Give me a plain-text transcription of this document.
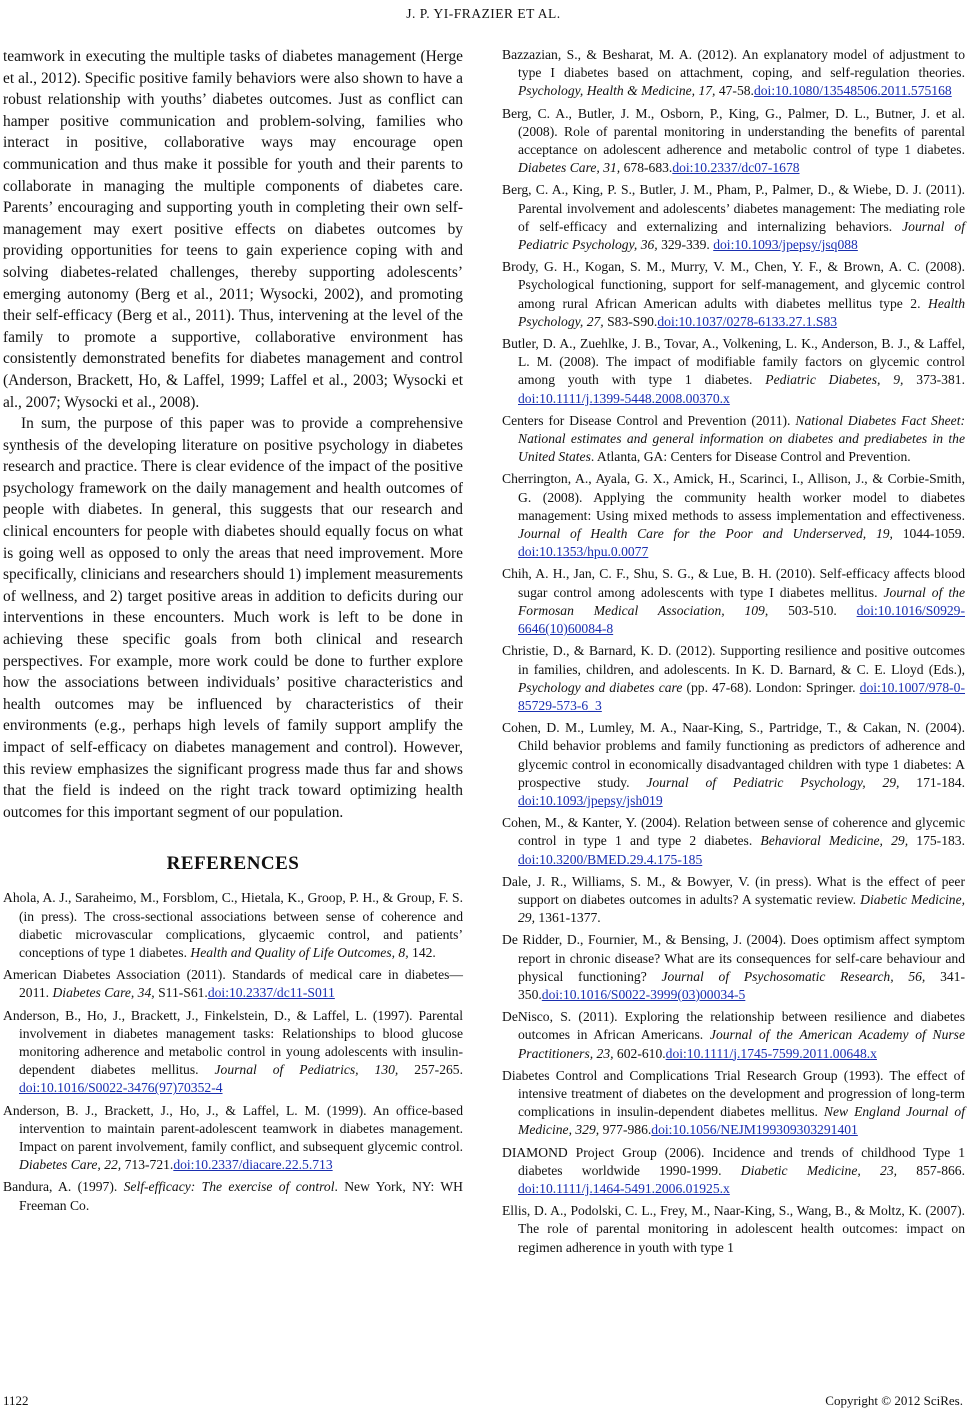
J. P. YI-FRAZIER ET AL.

teamwork in executing the multiple tasks of diabetes management (Herge et al., 2012). Specific positive family behaviors were also shown to have a robust relationship with youths’ diabetes outcomes. Just as conflict can hamper positive communication and problem-solving, families who interact in positive, collaborative ways may encourage open communication and thus make it possible for youth and their parents to collaborate in managing the multiple components of diabetes care. Parents’ encouraging and supporting youth in completing their own self-management may exert positive effects on diabetes outcomes by providing opportunities for teens to gain experience coping with and solving diabetes-related challenges, thereby supporting adolescents’ emerging autonomy (Berg et al., 2011; Wysocki, 2002), and promoting their self-efficacy (Berg et al., 2011). Thus, intervening at the level of the family to promote a supportive, collaborative environment has consistently demonstrated benefits for diabetes management and control (Anderson, Brackett, Ho, & Laffel, 1999; Laffel et al., 2003; Wysocki et al., 2007; Wysocki et al., 2008).

In sum, the purpose of this paper was to provide a comprehensive synthesis of the developing literature on positive psychology in diabetes research and practice. There is clear evidence of the impact of the positive psychology framework on the daily management and health outcomes of people with diabetes. In general, this suggests that our research and clinical encounters for people with diabetes should equally focus on what is going well as opposed to only the areas that need improvement. More specifically, clinicians and researchers should 1) implement measurements of wellness, and 2) target positive areas in addition to deficits during our interventions in these encounters. Much work is left to be done in achieving these specific goals from both clinical and research perspectives. For example, more work could be done to further explore how the associations between individuals’ positive characteristics and health outcomes may be influenced by characteristics of their environments (e.g., perhaps high levels of family support amplify the impact of self-efficacy on diabetes management and control). However, this review emphasizes the significant progress made thus far and shows that the field is indeed on the right track toward optimizing health outcomes for this important segment of our population.

REFERENCES

Ahola, A. J., Saraheimo, M., Forsblom, C., Hietala, K., Groop, P. H., & Group, F. S. (in press). The cross-sectional associations between sense of coherence and diabetic microvascular complications, glycaemic control, and patients’ conceptions of type 1 diabetes. Health and Quality of Life Outcomes, 8, 142.

American Diabetes Association (2011). Standards of medical care in diabetes—2011. Diabetes Care, 34, S11-S61.doi:10.2337/dc11-S011

Anderson, B., Ho, J., Brackett, J., Finkelstein, D., & Laffel, L. (1997). Parental involvement in diabetes management tasks: Relationships to blood glucose monitoring adherence and metabolic control in young adolescents with insulin-dependent diabetes mellitus. Journal of Pediatrics, 130, 257-265. doi:10.1016/S0022-3476(97)70352-4

Anderson, B. J., Brackett, J., Ho, J., & Laffel, L. M. (1999). An office-based intervention to maintain parent-adolescent teamwork in diabetes management. Impact on parent involvement, family conflict, and subsequent glycemic control. Diabetes Care, 22, 713-721.doi:10.2337/diacare.22.5.713

Bandura, A. (1997). Self-efficacy: The exercise of control. New York, NY: WH Freeman Co.

Bazzazian, S., & Besharat, M. A. (2012). An explanatory model of adjustment to type I diabetes based on attachment, coping, and self-regulation theories. Psychology, Health & Medicine, 17, 47-58.doi:10.1080/13548506.2011.575168

Berg, C. A., Butler, J. M., Osborn, P., King, G., Palmer, D. L., Butner, J. et al. (2008). Role of parental monitoring in understanding the benefits of parental acceptance on adolescent adherence and metabolic control of type 1 diabetes. Diabetes Care, 31, 678-683.doi:10.2337/dc07-1678

Berg, C. A., King, P. S., Butler, J. M., Pham, P., Palmer, D., & Wiebe, D. J. (2011). Parental involvement and adolescents’ diabetes management: The mediating role of self-efficacy and externalizing and internalizing behaviors. Journal of Pediatric Psychology, 36, 329-339. doi:10.1093/jpepsy/jsq088

Brody, G. H., Kogan, S. M., Murry, V. M., Chen, Y. F., & Brown, A. C. (2008). Psychological functioning, support for self-management, and glycemic control among rural African American adults with diabetes mellitus type 2. Health Psychology, 27, S83-S90.doi:10.1037/0278-6133.27.1.S83

Butler, D. A., Zuehlke, J. B., Tovar, A., Volkening, L. K., Anderson, B. J., & Laffel, L. M. (2008). The impact of modifiable family factors on glycemic control among youth with type 1 diabetes. Pediatric Diabetes, 9, 373-381. doi:10.1111/j.1399-5448.2008.00370.x

Centers for Disease Control and Prevention (2011). National Diabetes Fact Sheet: National estimates and general information on diabetes and prediabetes in the United States. Atlanta, GA: Centers for Disease Control and Prevention.

Cherrington, A., Ayala, G. X., Amick, H., Scarinci, I., Allison, J., & Corbie-Smith, G. (2008). Applying the community health worker model to diabetes management: Using mixed methods to assess implementation and effectiveness. Journal of Health Care for the Poor and Underserved, 19, 1044-1059. doi:10.1353/hpu.0.0077

Chih, A. H., Jan, C. F., Shu, S. G., & Lue, B. H. (2010). Self-efficacy affects blood sugar control among adolescents with type I diabetes mellitus. Journal of the Formosan Medical Association, 109, 503-510. doi:10.1016/S0929-6646(10)60084-8

Christie, D., & Barnard, K. D. (2012). Supporting resilience and positive outcomes in families, children, and adolescents. In K. D. Barnard, & C. E. Lloyd (Eds.), Psychology and diabetes care (pp. 47-68). London: Springer. doi:10.1007/978-0-85729-573-6_3

Cohen, D. M., Lumley, M. A., Naar-King, S., Partridge, T., & Cakan, N. (2004). Child behavior problems and family functioning as predictors of adherence and glycemic control in economically disadvantaged children with type 1 diabetes: A prospective study. Journal of Pediatric Psychology, 29, 171-184. doi:10.1093/jpepsy/jsh019

Cohen, M., & Kanter, Y. (2004). Relation between sense of coherence and glycemic control in type 1 and type 2 diabetes. Behavioral Medicine, 29, 175-183. doi:10.3200/BMED.29.4.175-185

Dale, J. R., Williams, S. M., & Bowyer, V. (in press). What is the effect of peer support on diabetes outcomes in adults? A systematic review. Diabetic Medicine, 29, 1361-1377.

De Ridder, D., Fournier, M., & Bensing, J. (2004). Does optimism affect symptom report in chronic disease? What are its consequences for self-care behaviour and physical functioning? Journal of Psychosomatic Research, 56, 341-350.doi:10.1016/S0022-3999(03)00034-5

DeNisco, S. (2011). Exploring the relationship between resilience and diabetes outcomes in African Americans. Journal of the American Academy of Nurse Practitioners, 23, 602-610.doi:10.1111/j.1745-7599.2011.00648.x

Diabetes Control and Complications Trial Research Group (1993). The effect of intensive treatment of diabetes on the development and progression of long-term complications in insulin-dependent diabetes mellitus. New England Journal of Medicine, 329, 977-986.doi:10.1056/NEJM199309303291401

DIAMOND Project Group (2006). Incidence and trends of childhood Type 1 diabetes worldwide 1990-1999. Diabetic Medicine, 23, 857-866. doi:10.1111/j.1464-5491.2006.01925.x

Ellis, D. A., Podolski, C. L., Frey, M., Naar-King, S., Wang, B., & Moltz, K. (2007). The role of parental monitoring in adolescent health outcomes: impact on regimen adherence in youth with type 1

1122	Copyright © 2012 SciRes.
